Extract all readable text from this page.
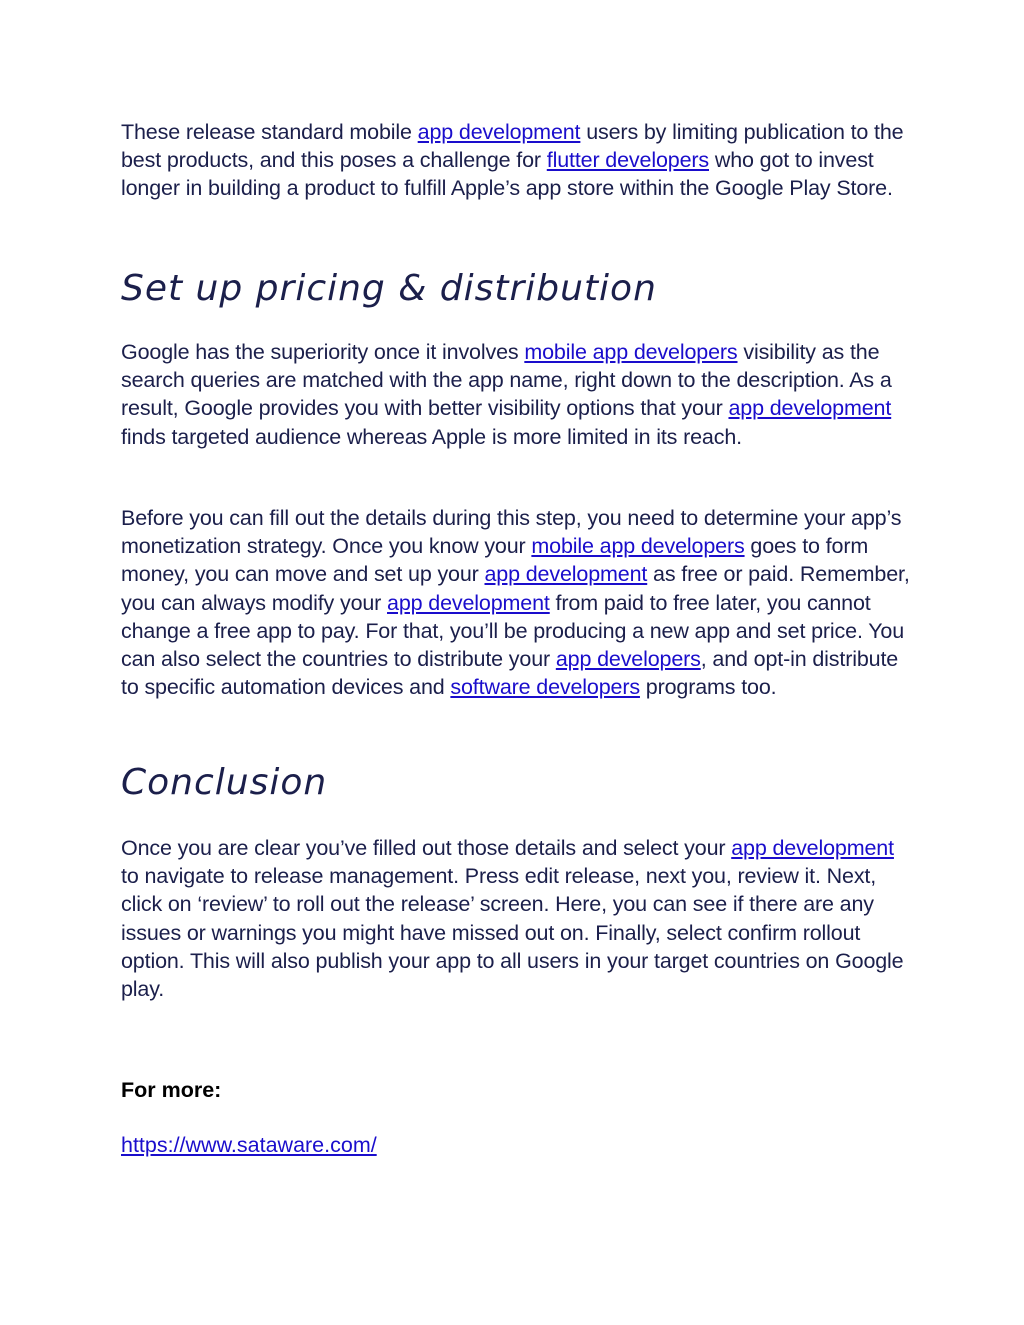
These release standard mobile app development users by limiting publication to the best products, and this poses a challenge for flutter developers who got to invest longer in building a product to fulfill Apple’s app store within the Google Play Store.

Set up pricing & distribution

Google has the superiority once it involves mobile app developers visibility as the search queries are matched with the app name, right down to the description. As a result, Google provides you with better visibility options that your app development finds targeted audience whereas Apple is more limited in its reach.

Before you can fill out the details during this step, you need to determine your app’s monetization strategy. Once you know your mobile app developers goes to form money, you can move and set up your app development as free or paid. Remember, you can always modify your app development from paid to free later, you cannot change a free app to pay. For that, you’ll be producing a new app and set price. You can also select the countries to distribute your app developers, and opt-in distribute to specific automation devices and software developers programs too.

Conclusion

Once you are clear you’ve filled out those details and select your app development to navigate to release management. Press edit release, next you, review it. Next, click on ‘review’ to roll out the release’ screen. Here, you can see if there are any issues or warnings you might have missed out on. Finally, select confirm rollout option. This will also publish your app to all users in your target countries on Google play.

For more:

https://www.sataware.com/
